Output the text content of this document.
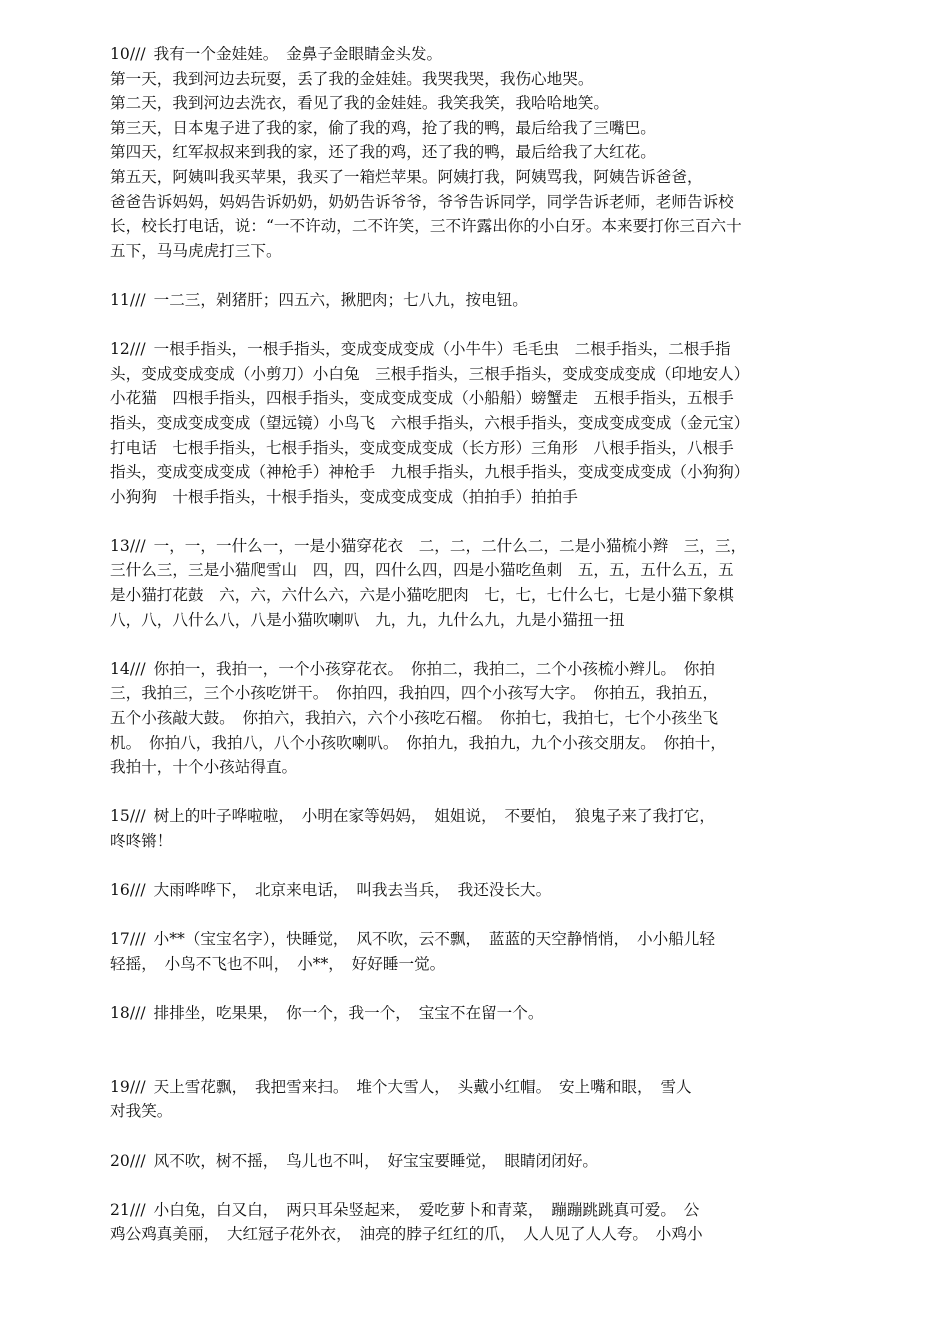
10/// 我有一个金娃娃。　金鼻子金眼睛金头发。
第一天，我到河边去玩耍，丢了我的金娃娃。我哭我哭，我伤心地哭。
第二天，我到河边去洗衣，看见了我的金娃娃。我笑我笑，我哈哈地笑。
第三天，日本鬼子进了我的家，偷了我的鸡，抢了我的鸭，最后给我了三嘴巴。
第四天，红军叔叔来到我的家，还了我的鸡，还了我的鸭，最后给我了大红花。
第五天，阿姨叫我买苹果，我买了一箱烂苹果。阿姨打我，阿姨骂我，阿姨告诉爸爸，
爸爸告诉妈妈，妈妈告诉奶奶，奶奶告诉爷爷，爷爷告诉同学，同学告诉老师，老师告诉校
长，校长打电话，说：“一不许动，二不许笑，三不许露出你的小白牙。本来要打你三百六十
五下，马马虎虎打三下。
11/// 一二三，剁猪肝；四五六，揪肥肉；七八九，按电钮。
12/// 一根手指头，一根手指头，变成变成变成（小牛牛）毛毛虫　二根手指头，二根手指
头，变成变成变成（小剪刀）小白兔　三根手指头，三根手指头，变成变成变成（印地安人）
小花猫　四根手指头，四根手指头，变成变成变成（小船船）螃蟹走　五根手指头，五根手
指头，变成变成变成（望远镜）小鸟飞　六根手指头，六根手指头，变成变成变成（金元宝）
打电话　七根手指头，七根手指头，变成变成变成（长方形）三角形　八根手指头，八根手
指头，变成变成变成（神枪手）神枪手　九根手指头，九根手指头，变成变成变成（小狗狗）
小狗狗　十根手指头，十根手指头，变成变成变成（拍拍手）拍拍手
13/// 一，一，一什么一，一是小猫穿花衣　二，二，二什么二，二是小猫梳小辫　三，三，
三什么三，三是小猫爬雪山　四，四，四什么四，四是小猫吃鱼刺　五，五，五什么五，五
是小猫打花鼓　六，六，六什么六，六是小猫吃肥肉　七，七，七什么七，七是小猫下象棋
八，八，八什么八，八是小猫吹喇叭　九，九，九什么九，九是小猫扭一扭
14/// 你拍一，我拍一，一个小孩穿花衣。　你拍二，我拍二，二个小孩梳小辫儿。　你拍
三，我拍三，三个小孩吃饼干。　你拍四，我拍四，四个小孩写大字。　你拍五，我拍五，
五个小孩敲大鼓。　你拍六，我拍六，六个小孩吃石榴。　你拍七，我拍七，七个小孩坐飞
机。　你拍八，我拍八，八个小孩吹喇叭。　你拍九，我拍九，九个小孩交朋友。　你拍十，
我拍十，十个小孩站得直。
15/// 树上的叶子哗啦啦，　小明在家等妈妈，　姐姐说，　不要怕，　狼鬼子来了我打它，
咚咚锵！
16/// 大雨哗哗下，　北京来电话，　叫我去当兵，　我还没长大。
17/// 小**（宝宝名字），快睡觉，　风不吹，云不飘，　蓝蓝的天空静悄悄，　小小船儿轻
轻摇，　小鸟不飞也不叫，　小**，　好好睡一觉。
18/// 排排坐，吃果果，　你一个，我一个，　宝宝不在留一个。
19/// 天上雪花飘，　我把雪来扫。　堆个大雪人，　头戴小红帽。　安上嘴和眼，　雪人
对我笑。
20/// 风不吹，树不摇，　鸟儿也不叫，　好宝宝要睡觉，　眼睛闭闭好。
21/// 小白兔，白又白，　两只耳朵竖起来，　爱吃萝卜和青菜，　蹦蹦跳跳真可爱。　公
鸡公鸡真美丽，　大红冠子花外衣，　油亮的脖子红红的爪，　人人见了人人夸。　小鸡小
